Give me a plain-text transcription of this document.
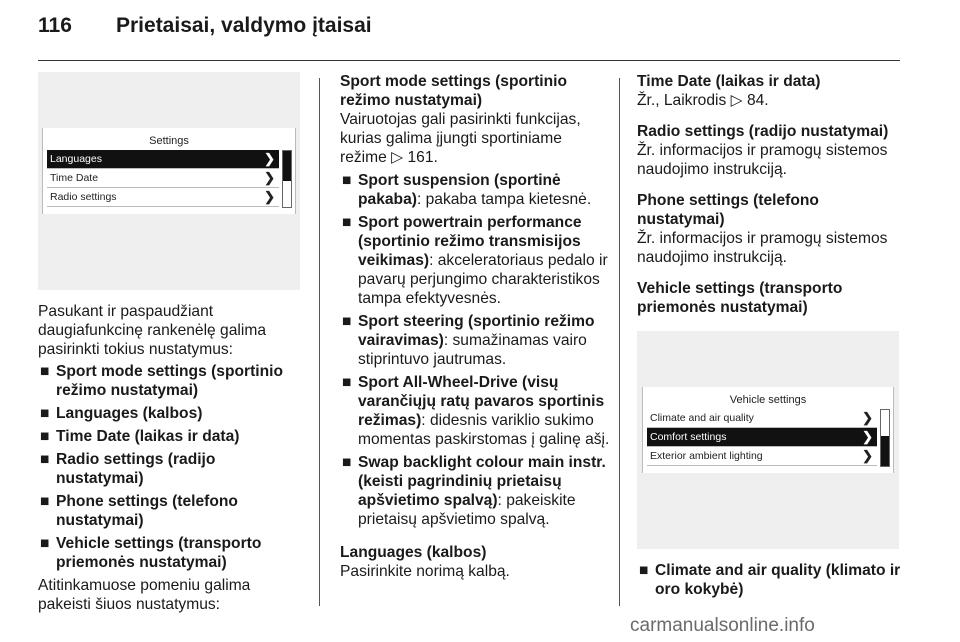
116 Prietaisai, valdymo įtaisai
Settings
Languages	❯
Time Date	❯
Radio settings	❯

Pasukant ir paspaudžiant daugiafunkcinę rankenėlę galima pasirinkti tokius nustatymus:

■ Sport mode settings (sportinio režimo nustatymai)
■ Languages (kalbos)
■ Time Date (laikas ir data)
■ Radio settings (radijo nustatymai)
■ Phone settings (telefono nustatymai)
■ Vehicle settings (transporto priemonės nustatymai)

Atitinkamuose pomeniu galima pakeisti šiuos nustatymus:

Sport mode settings (sportinio režimo nustatymai)

Vairuotojas gali pasirinkti funkcijas, kurias galima įjungti sportiniame režime ▷ 161.

■ Sport suspension (sportinė pakaba): pakaba tampa kietesnė.
■ Sport powertrain performance (sportinio režimo transmisijos veikimas): akceleratoriaus pedalo ir pavarų perjungimo charakteristikos tampa efektyvesnės.
■ Sport steering (sportinio režimo vairavimas): sumažinamas vairo stiprintuvo jautrumas.
■ Sport All-Wheel-Drive (visų varančiųjų ratų pavaros sportinis režimas): didesnis variklio sukimo momentas paskirstomas į galinę ašį.
■ Swap backlight colour main instr. (keisti pagrindinių prietaisų apšvietimo spalvą): pakeiskite prietaisų apšvietimo spalvą.

Languages (kalbos)

Pasirinkite norimą kalbą.

Time Date (laikas ir data)

Žr., Laikrodis ▷ 84.

Radio settings (radijo nustatymai)

Žr. informacijos ir pramogų sistemos naudojimo instrukciją.

Phone settings (telefono nustatymai)

Žr. informacijos ir pramogų sistemos naudojimo instrukciją.

Vehicle settings (transporto priemonės nustatymai)

Vehicle settings
Climate and air quality	❯
Comfort settings	❯
Exterior ambient lighting	❯
■ Climate and air quality (klimato ir oro kokybė)
carmanualsonline.info
